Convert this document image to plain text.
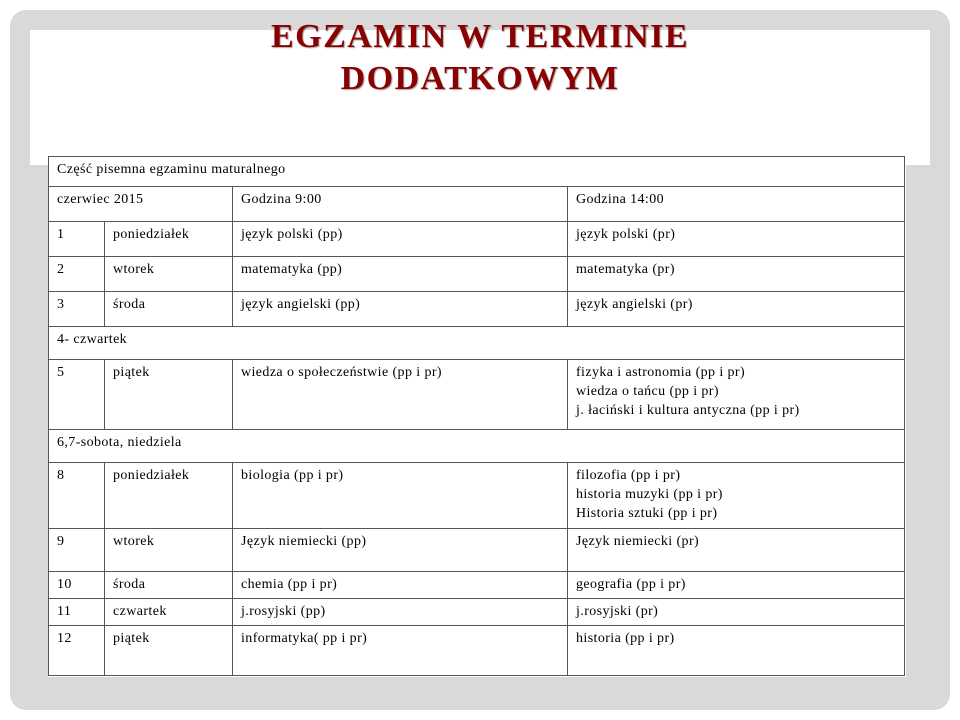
EGZAMIN W TERMINIE
DODATKOWYM
Część pisemna egzaminu maturalnego			
czerwiec 2015		Godzina 9:00	Godzina 14:00
1	poniedziałek	język polski (pp)	język polski (pr)

2	wtorek	matematyka (pp)	matematyka (pr)

3	środa	język angielski (pp)	język angielski (pr)

4- czwartek			
5	piątek	wiedza o społeczeństwie (pp i pr)	fizyka i astronomia (pp i pr)
wiedza o tańcu (pp i pr)
j. łaciński i kultura antyczna (pp i pr)

6,7-sobota, niedziela			
8	poniedziałek	biologia (pp i pr)	filozofia (pp i pr)
historia muzyki (pp i pr)
Historia sztuki (pp i pr)

9	wtorek	Język niemiecki (pp)	Język niemiecki (pr)

10	środa	chemia (pp i pr)	geografia (pp i pr)

11	czwartek	j.rosyjski (pp)	j.rosyjski (pr)

12	piątek	informatyka( pp i pr)	historia (pp i pr)
